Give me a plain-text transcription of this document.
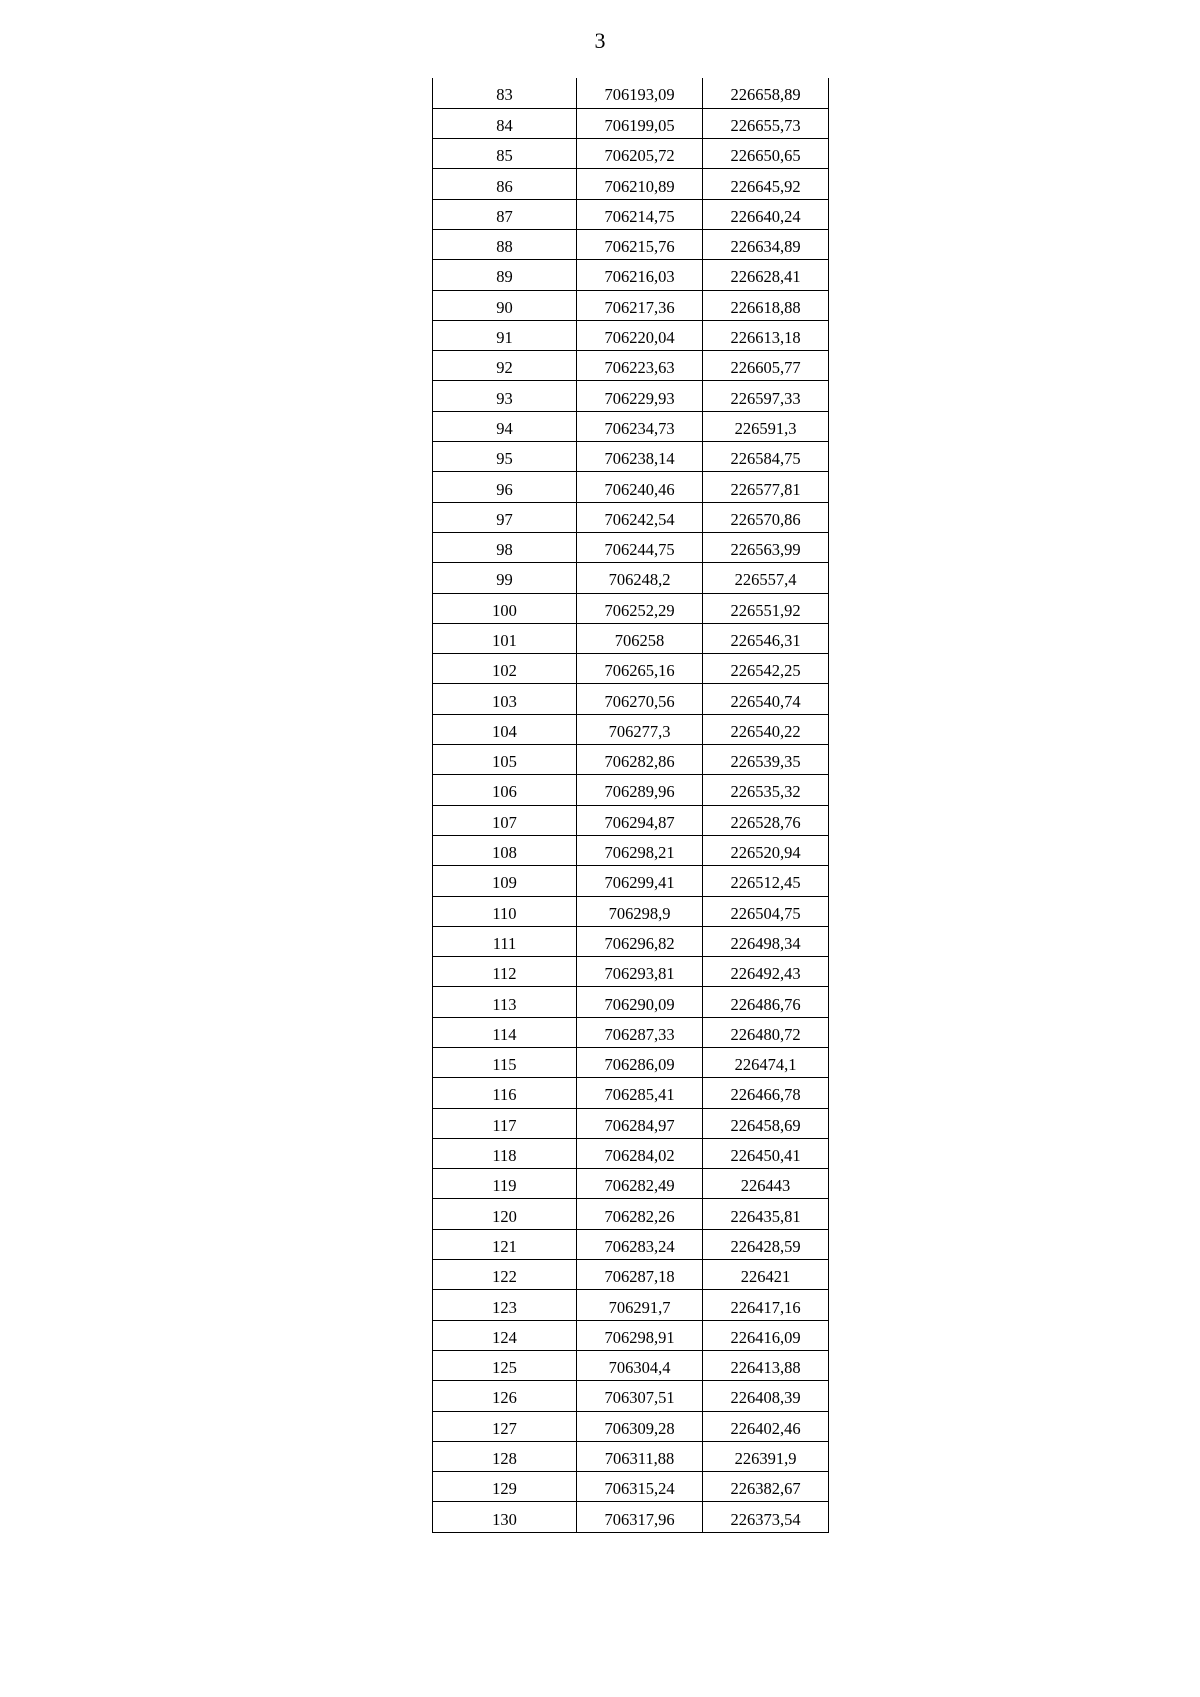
3
83	706193,09	226658,89
84	706199,05	226655,73
85	706205,72	226650,65
86	706210,89	226645,92
87	706214,75	226640,24
88	706215,76	226634,89
89	706216,03	226628,41
90	706217,36	226618,88
91	706220,04	226613,18
92	706223,63	226605,77
93	706229,93	226597,33
94	706234,73	226591,3
95	706238,14	226584,75
96	706240,46	226577,81
97	706242,54	226570,86
98	706244,75	226563,99
99	706248,2	226557,4
100	706252,29	226551,92
101	706258	226546,31
102	706265,16	226542,25
103	706270,56	226540,74
104	706277,3	226540,22
105	706282,86	226539,35
106	706289,96	226535,32
107	706294,87	226528,76
108	706298,21	226520,94
109	706299,41	226512,45
110	706298,9	226504,75
111	706296,82	226498,34
112	706293,81	226492,43
113	706290,09	226486,76
114	706287,33	226480,72
115	706286,09	226474,1
116	706285,41	226466,78
117	706284,97	226458,69
118	706284,02	226450,41
119	706282,49	226443
120	706282,26	226435,81
121	706283,24	226428,59
122	706287,18	226421
123	706291,7	226417,16
124	706298,91	226416,09
125	706304,4	226413,88
126	706307,51	226408,39
127	706309,28	226402,46
128	706311,88	226391,9
129	706315,24	226382,67
130	706317,96	226373,54
